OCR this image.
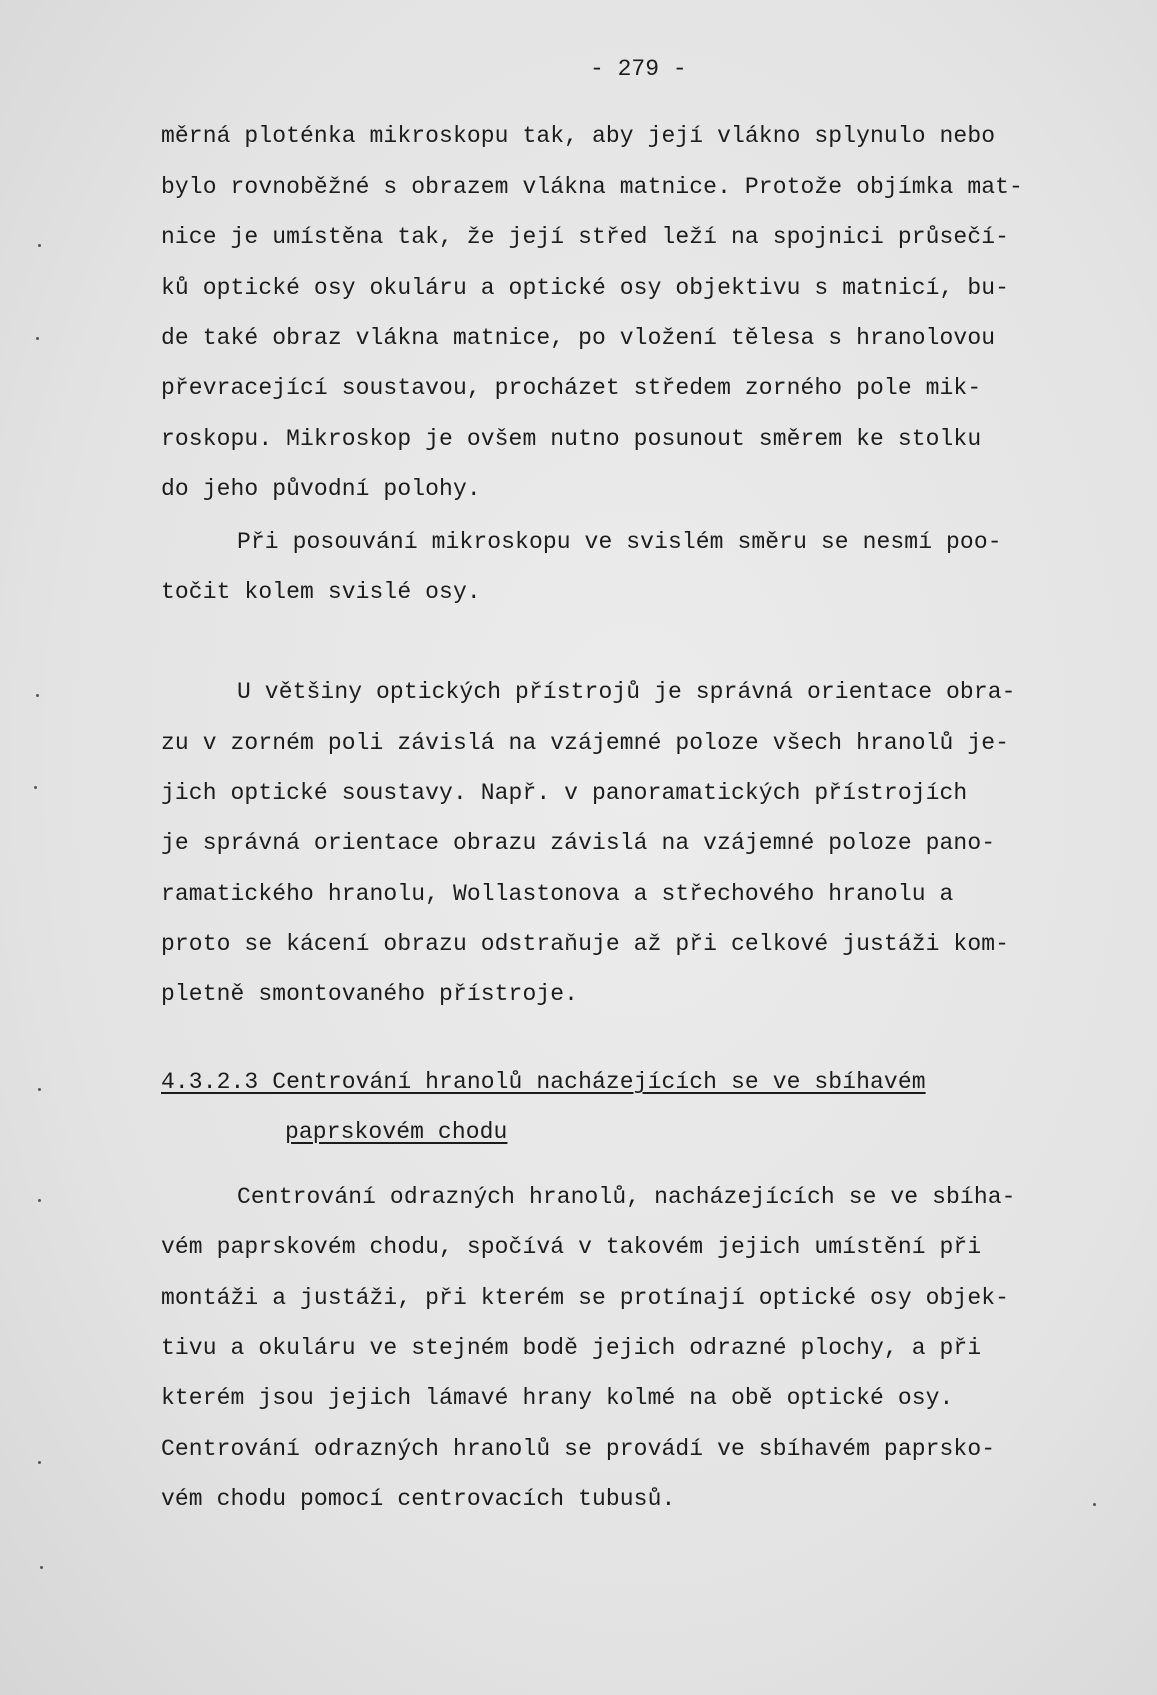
- 279 -
měrná ploténka mikroskopu tak, aby její vlákno splynulo nebo
bylo rovnoběžné s obrazem vlákna matnice. Protože objímka mat-
nice je umístěna tak, že její střed leží na spojnici průsečí-
ků optické osy okuláru a optické osy objektivu s matnicí, bu-
de také obraz vlákna matnice, po vložení tělesa s hranolovou
převracející soustavou, procházet středem zorného pole mik-
roskopu. Mikroskop je ovšem nutno posunout směrem ke stolku
do jeho původní polohy.
Při posouvání mikroskopu ve svislém směru se nesmí poo-
točit kolem svislé osy.
U většiny optických přístrojů je správná orientace obra-
zu v zorném poli závislá na vzájemné poloze všech hranolů je-
jich optické soustavy. Např. v panoramatických přístrojích
je správná orientace obrazu závislá na vzájemné poloze pano-
ramatického hranolu, Wollastonova a střechového hranolu a
proto se kácení obrazu odstraňuje až při celkové justáži kom-
pletně smontovaného přístroje.
4.3.2.3 Centrování hranolů nacházejících se ve sbíhavém
paprskovém chodu
Centrování odrazných hranolů, nacházejících se ve sbíha-
vém paprskovém chodu, spočívá v takovém jejich umístění při
montáži a justáži, při kterém se protínají optické osy objek-
tivu a okuláru ve stejném bodě jejich odrazné plochy, a při
kterém jsou jejich lámavé hrany kolmé na obě optické osy.
Centrování odrazných hranolů se provádí ve sbíhavém paprsko-
vém chodu pomocí centrovacích tubusů.
